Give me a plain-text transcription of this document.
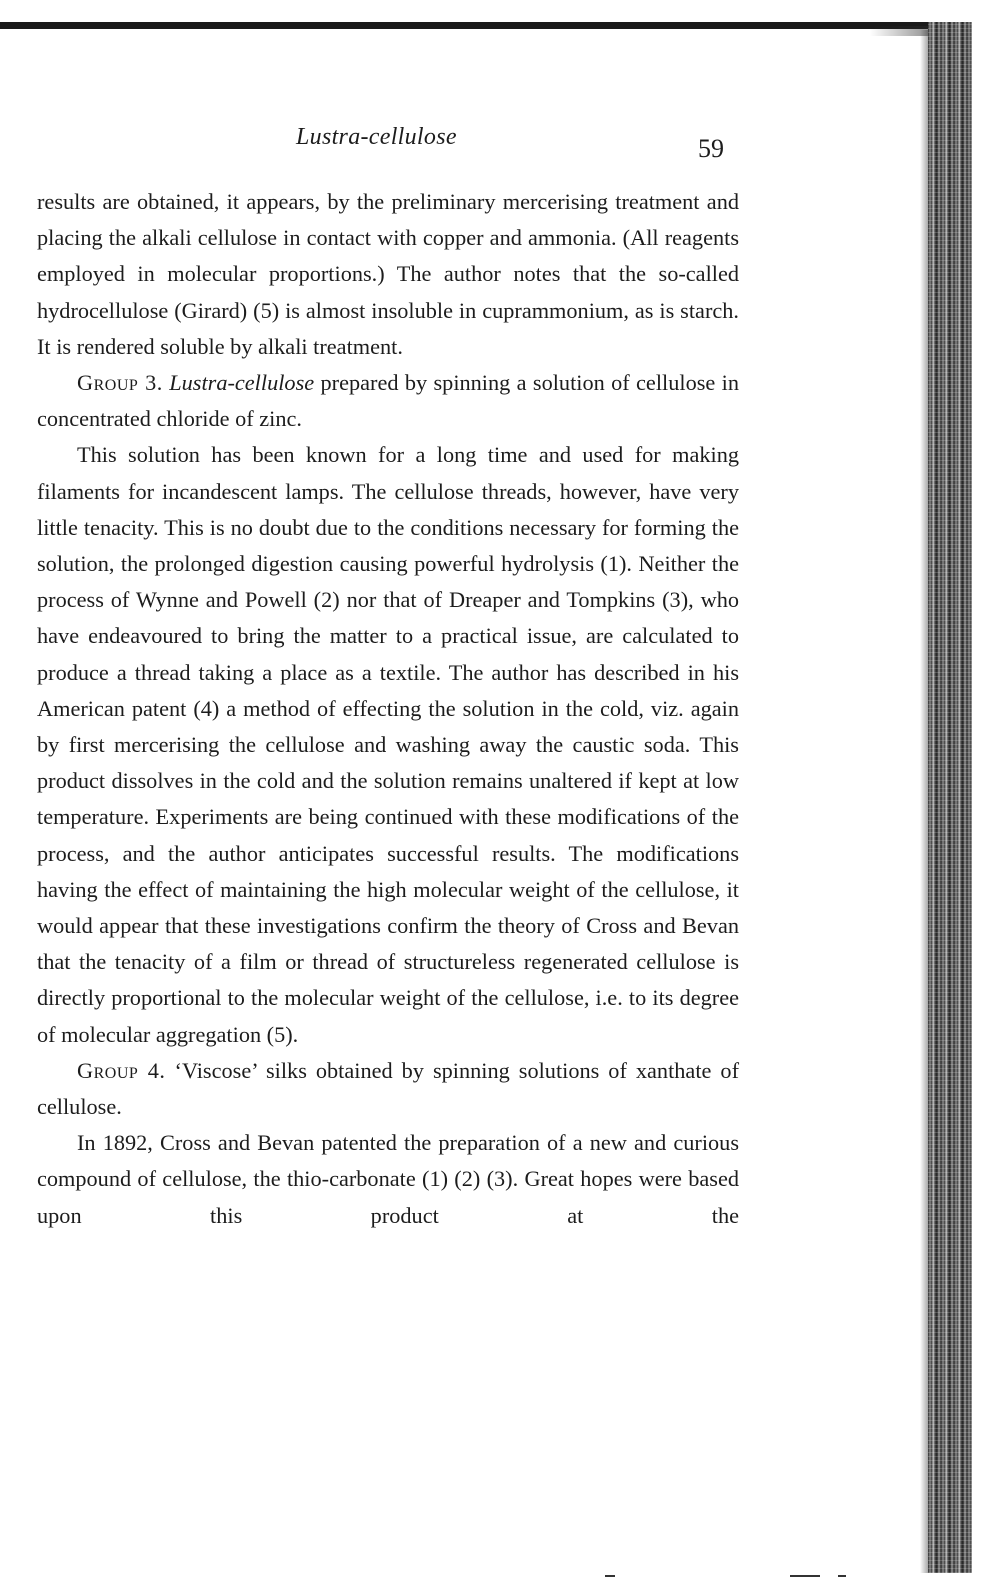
Lustra-cellulose	59

results are obtained, it appears, by the preliminary mercerising treatment and placing the alkali cellulose in contact with copper and ammonia. (All reagents employed in molecular proportions.) The author notes that the so-called hydrocellulose (Girard) (5) is almost insoluble in cuprammonium, as is starch. It is rendered soluble by alkali treatment.

Group 3. Lustra-cellulose prepared by spinning a solution of cellulose in concentrated chloride of zinc.

This solution has been known for a long time and used for making filaments for incandescent lamps. The cellulose threads, however, have very little tenacity. This is no doubt due to the conditions necessary for forming the solution, the prolonged digestion causing powerful hydrolysis (1). Neither the process of Wynne and Powell (2) nor that of Dreaper and Tompkins (3), who have endeavoured to bring the matter to a practical issue, are calculated to produce a thread taking a place as a textile. The author has described in his American patent (4) a method of effecting the solution in the cold, viz. again by first mercerising the cellulose and washing away the caustic soda. This product dissolves in the cold and the solution remains unaltered if kept at low temperature. Experiments are being continued with these modifications of the process, and the author anticipates successful results. The modifications having the effect of maintaining the high molecular weight of the cellulose, it would appear that these investigations confirm the theory of Cross and Bevan that the tenacity of a film or thread of structureless regenerated cellulose is directly proportional to the molecular weight of the cellulose, i.e. to its degree of molecular aggregation (5).

Group 4. ‘Viscose’ silks obtained by spinning solutions of xanthate of cellulose.

In 1892, Cross and Bevan patented the preparation of a new and curious compound of cellulose, the thio-carbonate (1) (2) (3). Great hopes were based upon this product at the
